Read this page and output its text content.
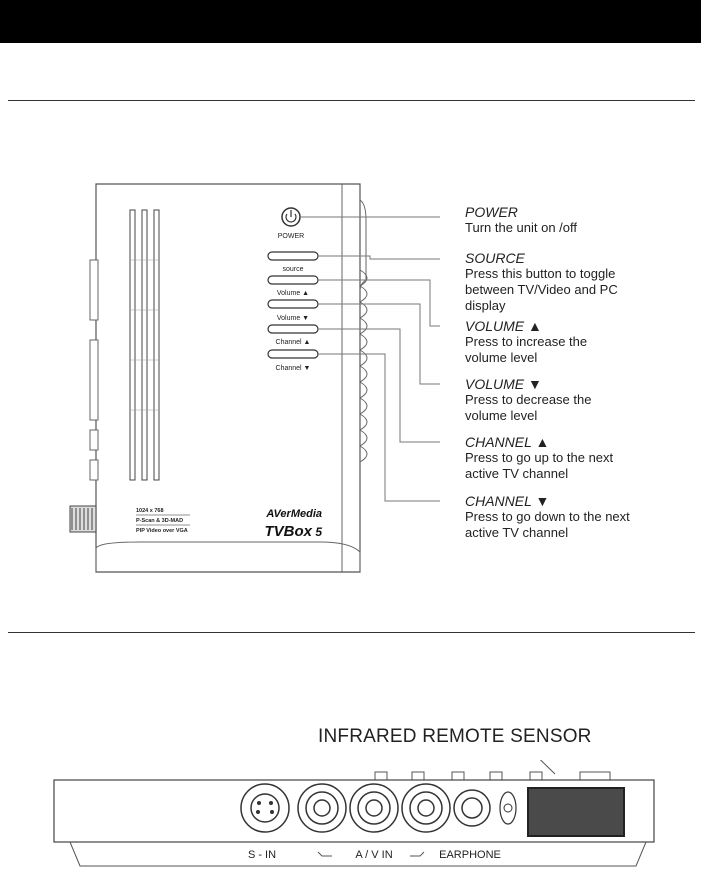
POWER
source
Volume ▲
Volume ▼
Channel ▲
Channel ▼
1024 x 768
P-Scan & 3D-MAD
PIP Video over VGA
AVerMedia
TVBox 5
POWER
Turn the unit on /off
SOURCE
Press this button to toggle between TV/Video and PC display
VOLUME ▲
Press to increase the volume level
VOLUME ▼
Press to decrease the volume level
CHANNEL ▲
Press to go up to the next active TV channel
CHANNEL ▼
Press to go down to the next active TV channel
INFRARED REMOTE SENSOR
S - IN	A / V IN	EARPHONE
